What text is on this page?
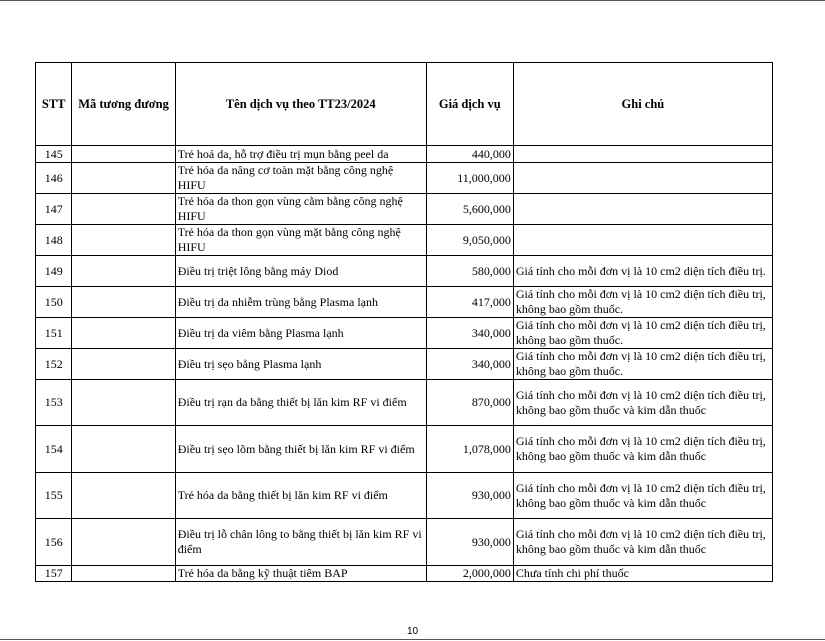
STT	Mã tương đương	Tên dịch vụ theo TT23/2024	Giá dịch vụ	Ghi chú
145		Trẻ hoá da, hỗ trợ điều trị mụn bằng peel da	440,000	
146		Trẻ hóa da nâng cơ toàn mặt bằng công nghệ HIFU	11,000,000	
147		Trẻ hóa da thon gọn vùng cằm bằng công nghệ HIFU	5,600,000	
148		Trẻ hóa da thon gọn vùng mặt bằng công nghệ HIFU	9,050,000	
149		Điều trị triệt lông bằng máy Diod	580,000	Giá tính cho mỗi đơn vị là 10 cm2 diện tích điều trị.
150		Điều trị da nhiễm trùng bằng Plasma lạnh	417,000	Giá tính cho mỗi đơn vị là 10 cm2 diện tích điều trị, không bao gồm thuốc.
151		Điều trị da viêm bằng Plasma lạnh	340,000	Giá tính cho mỗi đơn vị là 10 cm2 diện tích điều trị, không bao gồm thuốc.
152		Điều trị sẹo bằng Plasma lạnh	340,000	Giá tính cho mỗi đơn vị là 10 cm2 diện tích điều trị, không bao gồm thuốc.
153		Điều trị rạn da bằng thiết bị lăn kim RF vi điểm	870,000	Giá tính cho mỗi đơn vị là 10 cm2 diện tích điều trị, không bao gồm thuốc và kim dẫn thuốc
154		Điều trị sẹo lõm bằng thiết bị lăn kim RF vi điểm	1,078,000	Giá tính cho mỗi đơn vị là 10 cm2 diện tích điều trị, không bao gồm thuốc và kim dẫn thuốc
155		Trẻ hóa da bằng thiết bị lăn kim RF vi điểm	930,000	Giá tính cho mỗi đơn vị là 10 cm2 diện tích điều trị, không bao gồm thuốc và kim dẫn thuốc
156		Điều trị lỗ chân lông to bằng thiết bị lăn kim RF vi điểm	930,000	Giá tính cho mỗi đơn vị là 10 cm2 diện tích điều trị, không bao gồm thuốc và kim dẫn thuốc
157		Trẻ hóa da bằng kỹ thuật tiêm BAP	2,000,000	Chưa tính chi phí thuốc
10
